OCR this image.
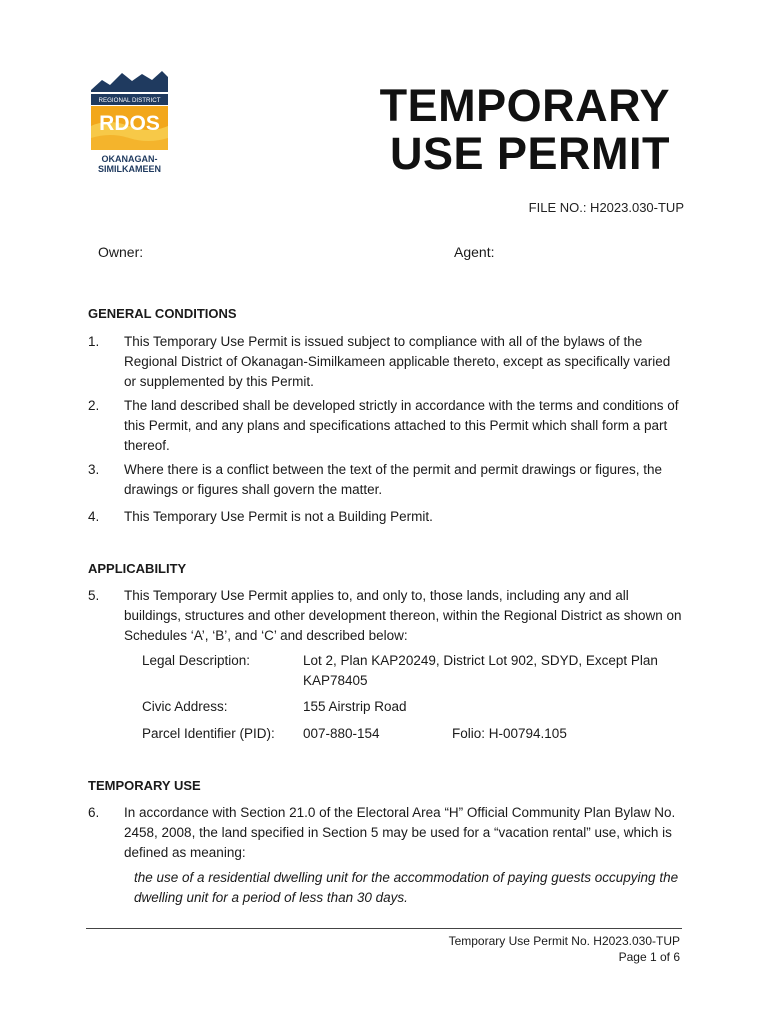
REGIONAL DISTRICT
RDOS
OKANAGAN-
SIMILKAMEEN
TEMPORARY
USE PERMIT
FILE NO.: H2023.030-TUP
Owner:	Agent:
GENERAL CONDITIONS
1. This Temporary Use Permit is issued subject to compliance with all of the bylaws of the Regional District of Okanagan-Similkameen applicable thereto, except as specifically varied or supplemented by this Permit.
2. The land described shall be developed strictly in accordance with the terms and conditions of this Permit, and any plans and specifications attached to this Permit which shall form a part thereof.
3. Where there is a conflict between the text of the permit and permit drawings or figures, the drawings or figures shall govern the matter.
4. This Temporary Use Permit is not a Building Permit.
APPLICABILITY
5. This Temporary Use Permit applies to, and only to, those lands, including any and all buildings, structures and other development thereon, within the Regional District as shown on Schedules ‘A’, ‘B’, and ‘C’ and described below:
Legal Description:	Lot 2, Plan KAP20249, District Lot 902, SDYD, Except Plan KAP78405
Civic Address:	155 Airstrip Road
Parcel Identifier (PID): 007-880-154	Folio: H-00794.105
TEMPORARY USE
6. In accordance with Section 21.0 of the Electoral Area “H” Official Community Plan Bylaw No. 2458, 2008, the land specified in Section 5 may be used for a “vacation rental” use, which is defined as meaning:
the use of a residential dwelling unit for the accommodation of paying guests occupying the dwelling unit for a period of less than 30 days.
Temporary Use Permit No. H2023.030-TUP
Page 1 of 6
